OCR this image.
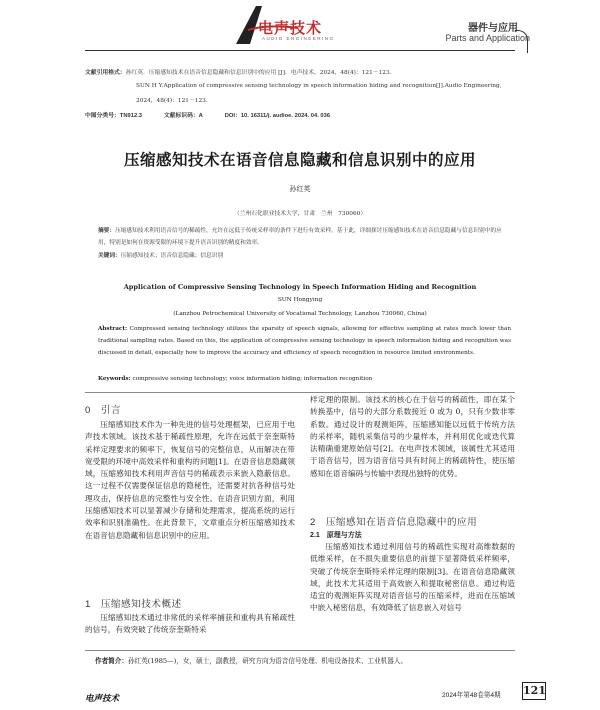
电声技术
AUDIO ENGINEERING
器件与应用
Parts and Application
文献引用格式：孙红英．压缩感知技术在语音信息隐藏和信息识别中的应用 [J]．电声技术，2024，48(4)：121－123.
SUN H Y.Application of compressive sensing technology in speech information hiding and recognition[J].Audio Engineering,
2024，48(4)：121－123.
中图分类号：TN912.3	文献标识码：A	DOI：10. 16311/j. audioe. 2024. 04. 036
压缩感知技术在语音信息隐藏和信息识别中的应用
孙红英
（兰州石化职业技术大学，甘肃　兰州　730060）
摘要：压缩感知技术利用语音信号的稀疏性，允许在远低于传统采样率的条件下进行有效采样。基于此，详细探讨压缩感知技术在语音信息隐藏与信息识别中的应用，特别是如何在资源受限的环境下提升语音识别的精度和效率。
关键词：压缩感知技术；语音信息隐藏；信息识别
Application of Compressive Sensing Technology in Speech Information Hiding and Recognition
SUN Hongying
(Lanzhou Petrochemical University of Vocational Technology, Lanzhou 730060, China)
Abstract: Compressed sensing technology utilizes the sparsity of speech signals, allowing for effective sampling at rates much lower than traditional sampling rates. Based on this, the application of compressive sensing technology in speech information hiding and recognition was discussed in detail, especially how to improve the accuracy and efficiency of speech recognition in resource limited environments.
Keywords: compressive sensing technology; voice information hiding; information recognition
0 引言

压缩感知技术作为一种先进的信号处理框架，已应用于电声技术领域。该技术基于稀疏性原理，允许在远低于奈奎斯特采样定理要求的频率下，恢复信号的完整信息，从而解决在带宽受限的环境中高效采样和重构的问题[1]。在语音信息隐藏领域，压缩感知技术利用声音信号的稀疏表示来嵌入隐蔽信息。这一过程不仅需要保证信息的隐秘性，还需要对抗各种信号处理攻击，保持信息的完整性与安全性。在语音识别方面，利用压缩感知技术可以显著减少存储和处理需求，提高系统的运行效率和识别准确性。在此背景下，文章重点分析压缩感知技术在语音信息隐藏和信息识别中的应用。

1 压缩感知技术概述

压缩感知技术通过非常低的采样率捕获和重构具有稀疏性的信号，有效突破了传统奈奎斯特采

样定理的限制。该技术的核心在于信号的稀疏性，即在某个转换基中，信号的大部分系数接近 0 或为 0，只有少数非零系数。通过设计的观测矩阵，压缩感知能以远低于传统方法的采样率，随机采集信号的少量样本，并利用优化或迭代算法精确重建原始信号[2]。在电声技术领域，该属性尤其适用于语音信号，因为语音信号具有时间上的稀疏特性，使压缩感知在语音编码与传输中表现出独特的优势。

2 压缩感知在语音信息隐藏中的应用
2.1　原理与方法

压缩感知技术通过利用信号的稀疏性实现对高维数据的低维采样，在不损失重要信息的前提下显著降低采样频率，突破了传统奈奎斯特采样定理的限制[3]。在语音信息隐藏领域，此技术尤其适用于高效嵌入和提取秘密信息。通过构造适宜的观测矩阵实现对语音信号的压缩采样，进而在压缩域中嵌入秘密信息，有效降低了信息嵌入对信号

作者简介：孙红英(1985—)，女，硕士，副教授，研究方向为语音信号处理、机电设备技术、工业机器人。
电声技术	2024年第48卷第4期 121
